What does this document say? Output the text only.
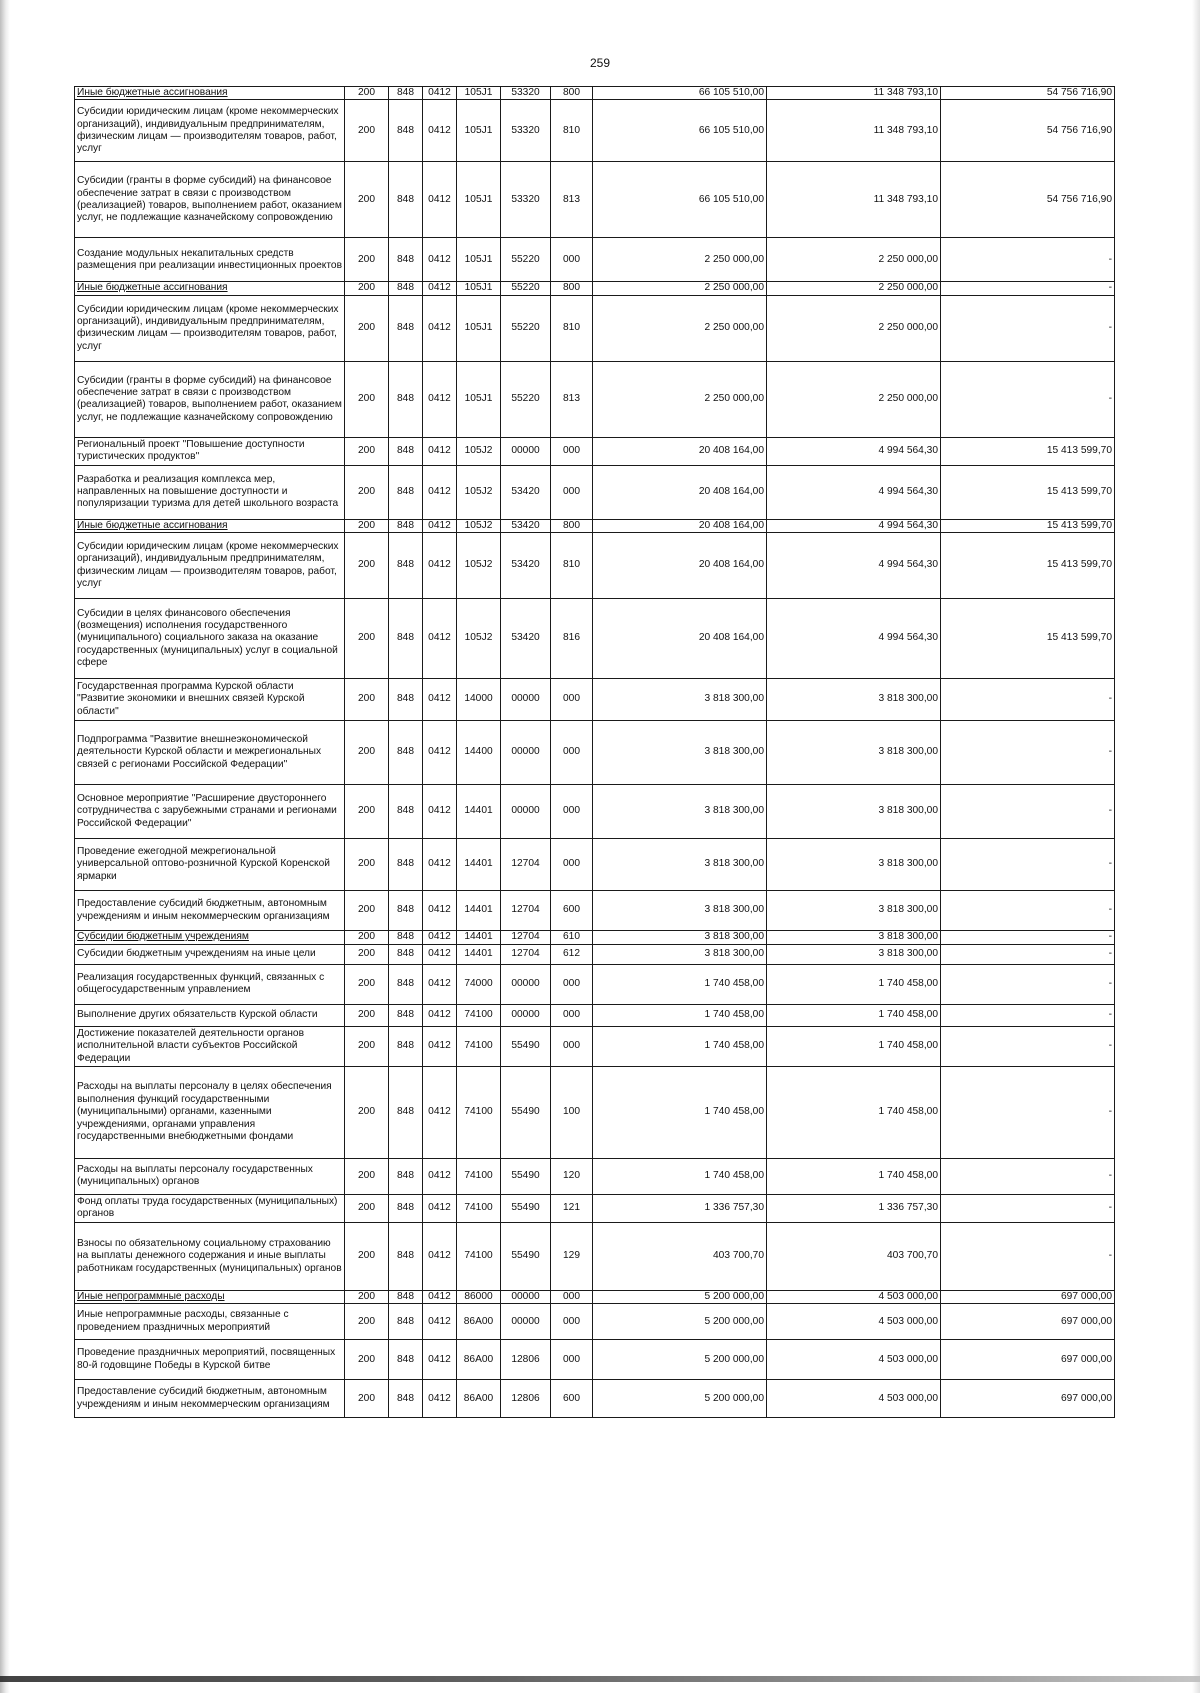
259
Иные бюджетные ассигнования	200	848	0412	105J1	53320	800	66 105 510,00	11 348 793,10	54 756 716,90
Субсидии юридическим лицам (кроме некоммерческих организаций), индивидуальным предпринимателям, физическим лицам — производителям товаров, работ, услуг	200	848	0412	105J1	53320	810	66 105 510,00	11 348 793,10	54 756 716,90
Субсидии (гранты в форме субсидий) на финансовое обеспечение затрат в связи с производством (реализацией) товаров, выполнением работ, оказанием услуг, не подлежащие казначейскому сопровождению	200	848	0412	105J1	53320	813	66 105 510,00	11 348 793,10	54 756 716,90
Создание модульных некапитальных средств размещения при реализации инвестиционных проектов	200	848	0412	105J1	55220	000	2 250 000,00	2 250 000,00	-
Иные бюджетные ассигнования	200	848	0412	105J1	55220	800	2 250 000,00	2 250 000,00	-
Субсидии юридическим лицам (кроме некоммерческих организаций), индивидуальным предпринимателям, физическим лицам — производителям товаров, работ, услуг	200	848	0412	105J1	55220	810	2 250 000,00	2 250 000,00	-
Субсидии (гранты в форме субсидий) на финансовое обеспечение затрат в связи с производством (реализацией) товаров, выполнением работ, оказанием услуг, не подлежащие казначейскому сопровождению	200	848	0412	105J1	55220	813	2 250 000,00	2 250 000,00	-
Региональный проект "Повышение доступности туристических продуктов"	200	848	0412	105J2	00000	000	20 408 164,00	4 994 564,30	15 413 599,70
Разработка и реализация комплекса мер, направленных на повышение доступности и популяризации туризма для детей школьного возраста	200	848	0412	105J2	53420	000	20 408 164,00	4 994 564,30	15 413 599,70
Иные бюджетные ассигнования	200	848	0412	105J2	53420	800	20 408 164,00	4 994 564,30	15 413 599,70
Субсидии юридическим лицам (кроме некоммерческих организаций), индивидуальным предпринимателям, физическим лицам — производителям товаров, работ, услуг	200	848	0412	105J2	53420	810	20 408 164,00	4 994 564,30	15 413 599,70
Субсидии в целях финансового обеспечения (возмещения) исполнения государственного (муниципального) социального заказа на оказание государственных (муниципальных) услуг в социальной сфере	200	848	0412	105J2	53420	816	20 408 164,00	4 994 564,30	15 413 599,70
Государственная программа Курской области "Развитие экономики и внешних связей Курской области"	200	848	0412	14000	00000	000	3 818 300,00	3 818 300,00	-
Подпрограмма "Развитие внешнеэкономической деятельности Курской области и межрегиональных связей с регионами Российской Федерации"	200	848	0412	14400	00000	000	3 818 300,00	3 818 300,00	-
Основное мероприятие "Расширение двустороннего сотрудничества с зарубежными странами и регионами Российской Федерации"	200	848	0412	14401	00000	000	3 818 300,00	3 818 300,00	-
Проведение ежегодной межрегиональной универсальной оптово-розничной Курской Коренской ярмарки	200	848	0412	14401	12704	000	3 818 300,00	3 818 300,00	-
Предоставление субсидий бюджетным, автономным учреждениям и иным некоммерческим организациям	200	848	0412	14401	12704	600	3 818 300,00	3 818 300,00	-
Субсидии бюджетным учреждениям	200	848	0412	14401	12704	610	3 818 300,00	3 818 300,00	-
Субсидии бюджетным учреждениям на иные цели	200	848	0412	14401	12704	612	3 818 300,00	3 818 300,00	-
Реализация государственных функций, связанных с общегосударственным управлением	200	848	0412	74000	00000	000	1 740 458,00	1 740 458,00	-
Выполнение других обязательств Курской области	200	848	0412	74100	00000	000	1 740 458,00	1 740 458,00	-
Достижение показателей деятельности органов исполнительной власти субъектов Российской Федерации	200	848	0412	74100	55490	000	1 740 458,00	1 740 458,00	-
Расходы на выплаты персоналу в целях обеспечения выполнения функций государственными (муниципальными) органами, казенными учреждениями, органами управления государственными внебюджетными фондами	200	848	0412	74100	55490	100	1 740 458,00	1 740 458,00	-
Расходы на выплаты персоналу государственных (муниципальных) органов	200	848	0412	74100	55490	120	1 740 458,00	1 740 458,00	-
Фонд оплаты труда государственных (муниципальных) органов	200	848	0412	74100	55490	121	1 336 757,30	1 336 757,30	-
Взносы по обязательному социальному страхованию на выплаты денежного содержания и иные выплаты работникам государственных (муниципальных) органов	200	848	0412	74100	55490	129	403 700,70	403 700,70	-
Иные непрограммные расходы	200	848	0412	86000	00000	000	5 200 000,00	4 503 000,00	697 000,00
Иные непрограммные расходы, связанные с проведением праздничных мероприятий	200	848	0412	86А00	00000	000	5 200 000,00	4 503 000,00	697 000,00
Проведение праздничных мероприятий, посвященных 80-й годовщине Победы в Курской битве	200	848	0412	86А00	12806	000	5 200 000,00	4 503 000,00	697 000,00
Предоставление субсидий бюджетным, автономным учреждениям и иным некоммерческим организациям	200	848	0412	86А00	12806	600	5 200 000,00	4 503 000,00	697 000,00
